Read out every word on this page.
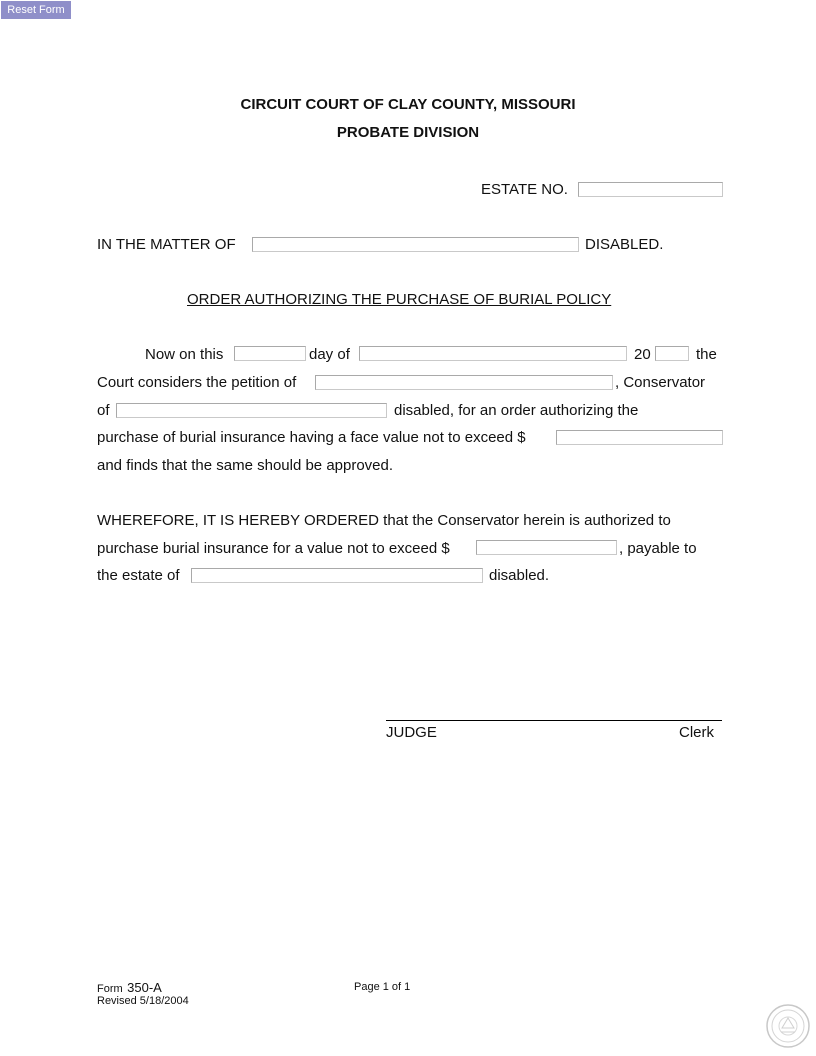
Reset Form
CIRCUIT COURT OF CLAY COUNTY, MISSOURI
PROBATE DIVISION
ESTATE NO.
IN THE MATTER OF	DISABLED.
ORDER AUTHORIZING THE PURCHASE OF BURIAL POLICY
Now on this	day of	20	the
Court considers the petition of	, Conservator
of	disabled, for an order authorizing the
purchase of burial insurance having a face value not to exceed $
and finds that the same should be approved.
WHEREFORE, IT IS HEREBY ORDERED that the Conservator herein is authorized to
purchase burial insurance for a value not to exceed $	, payable to
the estate of	disabled.
JUDGE	Clerk
Form 350-A
Revised 5/18/2004
Page 1 of 1
